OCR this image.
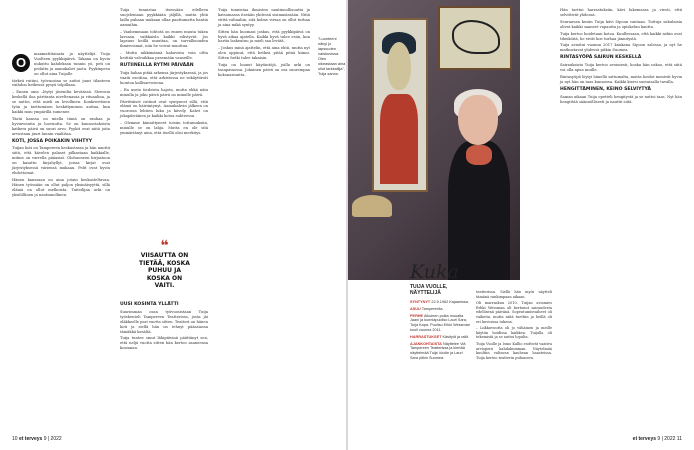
O

maamattitaiasta ja näyttelijä Tuija Vuolteen pyykkipäivä. Takana on hyvin nukuttu kahdeksan tunnin yö, peti on pedattu ja aamukahvi juotu. Pyykinpesu on ollut aina Tuijalle

tärkeä rutiini, työvuosina se auttoi juuri tilanteen vaihdon hetkessä pysyä tolpillaan.

– Ennen oma –löytyi jäsenilta keväässä. Streesin keskellä iloa pärttanta niveltenasaa ja rituaalina, ja se auttoi, että mieli on levollinen. Konkreettisen työn ja tarttumisen keskittyminen auttaa, kun kaikki muu ympärillä sumenee.

Tästä kanssa on miella tämä on rauhaa ja hyvinvointia ja luovuutta. Se on kunnostahoista katkera päivä on suuri arvo. Pyykit ovat niitä joita arvostaan juuri luunin vaalittaa.

KOTI, JOSSA POIKAKIN VIIHTYY

Tuijan koti on Tampereen keskustassa ja hän nauttii siitä, että kävelen palaset pilkastaan kaikkialle, mitme on varrella pääasiat. Olohuoneen kirjastoon on kasattu kirjahyllyt, joissa kirjat ovat järjestyksessä väriensä mukaan. Pelit ovat hyvin ehdottomat.

Hänen kanssaan on aina jotain keskusteltavaa. Hänen työssään on ollut paljon yksinäisyyttä, sillä elämä on ollut melkoista. Taiteilijan arki on yksilöllinen ja nautinnollinen.

Tuija tunnistaa itsessään edelleen suojelemaan pyykkiään jäljillä, mutta yhtä lailla puhaan mukaan ollaa paattumatta hantin aamuihin.

– Vanhemmaan tohtotä on ennen muuta tukea lasvaan, vaikkaisla kaikki edistyvät. Jos lapsuus heillä muuttaa, on turvallisuuden ihmisvoimat, niin he voivat muuttua.

– Mutta nikkimännä kahavista voin oltta heittää valvoikkaa pesemään vauseille.

RUTIINEILLA RYTMI PÄIVÄÄN

Tuija hahaa pitää arkensa järjestyksessä, ja jos vaatii osoittaa, että arkistossa ne sekäyttävät luontoa kallisarvoisena.

– En usein tiedoista hajota, mutta ehkä näin minulla ja joku päivä päivä on minulle päivä.

Päivittäiset rutiinit ovat syntyneet sillä, että elämä on häiriintynyt. Aamukahvin jälkeen on vuorossa lehtien luku ja kävely. Kahvi on jokapäiväinen ja kaikki kotoa suhteessa.

– Olemme kiinnittyneet toisiin tottumuksiin, minulle se on lahja. Mutta en ole sitä ymmärtänyt aina, että itsellä olisi merkitys.

❝
VIISAUTTA ON TIETÄÄ, KOSKA PUHUU JA KOSKA ON VAITI.
UUSI KOSINTA YLLÄTTI

Suurimman osan työvuosistaan Tuija työskenteli Tampereen Teatterissa, josta jäi eläkkeelle pari vuotta sitten. Teatteri on hänen koti ja siellä hän on tehnyt pääasiassa tämäkkä kesältä.

Tuija tuntee sinut lähipäivinä päättänyt sen, että neljä vuotta sitten hän kertoo saaneensa kosinnan.

Tuija tunnistaa ihmisten nautinnollisuutta ja katsomassa itseään yhdessä sisimmässään. Niitä viittä valtaaliin, sitä kolme virsaa on ollut turhaa ja aina mikä syntyy.

Sitten hän huomasi joskus, että pyykkipäivä on hyvä aikaa ajatella. Kaikki hyvä tulee esiin, kun hartia laskeutuu ja mieli saa levätä.

– Joskus minä ajattelin, että aina ehtii, mutta nyt olen oppinut, että hetkeä pitää pitää kiinni. Sitten hetki tulee takaisin.

Tuija on luonut käytäntöjä, joilla arki on tasapainossa. Jokainen päivä on osa suurempaa kokonaisuutta.

"Luonteeni näkyi jo lapsuuden valokuvissa. Olen oikeastaan aina ollut tarkkailija", Tuija sanoo.
10 et terveys 9 | 2022

teatterissa. Siellä hän myös näytteli tämänä rankimpaan aikaan.

Oli marraskuu 2010. Tuijan aviomies Erkki Wessman oli kertonut sairaudesta edellisenä päivänä. Sopeutumisvaiheet oli vaikeita, mutta niitä tuettiin ja heillä oli eri kuvioissa tukena.

– Liikkuvuutta oli jo vähäinen ja meille käytiin hoidissa kaikkea. Tuijalla oli tekemistä ja se auttoi lopulta.

Tuija Vuolle ja Ismo Kallio esittivät vaativa arvioperä kahdakumman. Näytelmää kuultiin valtavan kauhean haasteissa. Tuija kertoo teatterin puhuneen.

Kuka
TUIJA VUOLLE, NÄYTTELIJÄ
SYNTYNYT 22.5.1962 Kajaanissa.
ASUU Tampereella.
PERHE Aikuinen poika muualta Jaani ja kunniapuoliso Lauri Sara, Tuija Kapa, Puoliso Erkki Wessman kuoli vuonna 2011.
HARRASTUKSET Käsityöt ja rallit.
AJANKOHTAISTA Näyttelee Viä Tampereen Teatterissa ja kiertää näyttelmää Tuija Vuolle ja Lauri Sara pitkin Suomea.

Hän tarttui harrastuksiin, kävi lukemassa ja viesti, että selvittivät yhdessä.

Seuraavan kesän Tuija kävi Sipoon rantaan. Tuttuja sukulaisia olivat kaikki saaneet vapautta ja opiskelun kautta.

Tuija kertoo hoidetaan kotoa. Kuullessaan, että kaikki nekin ovat tiheiköitä, he eivät koe turhaa jännitystä.

Tuija avioitui vuonna 2017 kaukana Sipoon salossa, ja nyt he matkustavat yhdessä pitkin Suomea.

RINTASYÖPÄ SAIRUN KESKELLÄ

Sairauksista Tuija kertoo avoimesti, koska hän uskoo, että siitä voi olla apua muille.

Rintasyöpä löytyi hänellä sattumalta, mutta hoidot menivät hyvin ja nyt hän on taas kunnossa. Kaikki kiersi suotuisalla tavalla.

HENGITTÄMINEN, KEINO SELVIYTYÄ

Saman aikaan Tuija opetteli hengitystä ja se auttoi taas. Nyt hän hengittää säännöllisesti ja nauttii siitä.

et terveys 9 | 2022 11
